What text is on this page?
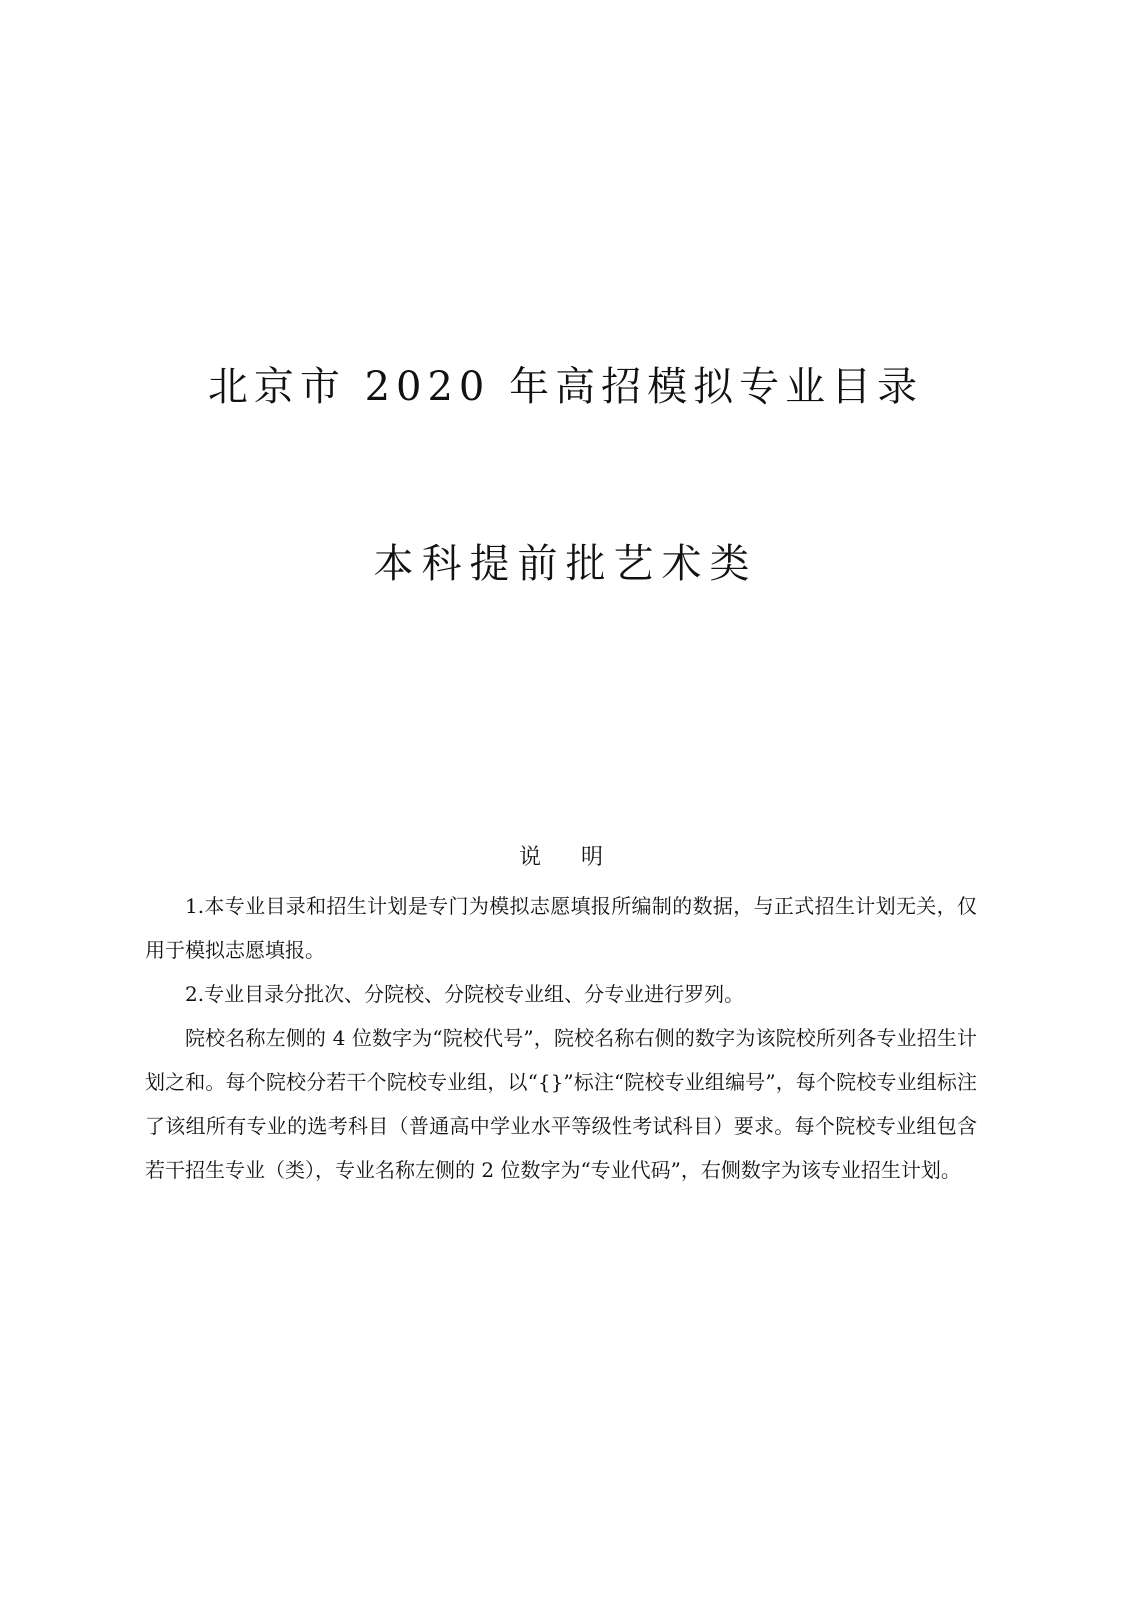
北京市 2020 年高招模拟专业目录
本科提前批艺术类
说明

1.本专业目录和招生计划是专门为模拟志愿填报所编制的数据，与正式招生计划无关，仅用于模拟志愿填报。

2.专业目录分批次、分院校、分院校专业组、分专业进行罗列。

院校名称左侧的 4 位数字为“院校代号”，院校名称右侧的数字为该院校所列各专业招生计划之和。每个院校分若干个院校专业组，以“{}”标注“院校专业组编号”，每个院校专业组标注了该组所有专业的选考科目（普通高中学业水平等级性考试科目）要求。每个院校专业组包含若干招生专业（类），专业名称左侧的 2 位数字为“专业代码”，右侧数字为该专业招生计划。
